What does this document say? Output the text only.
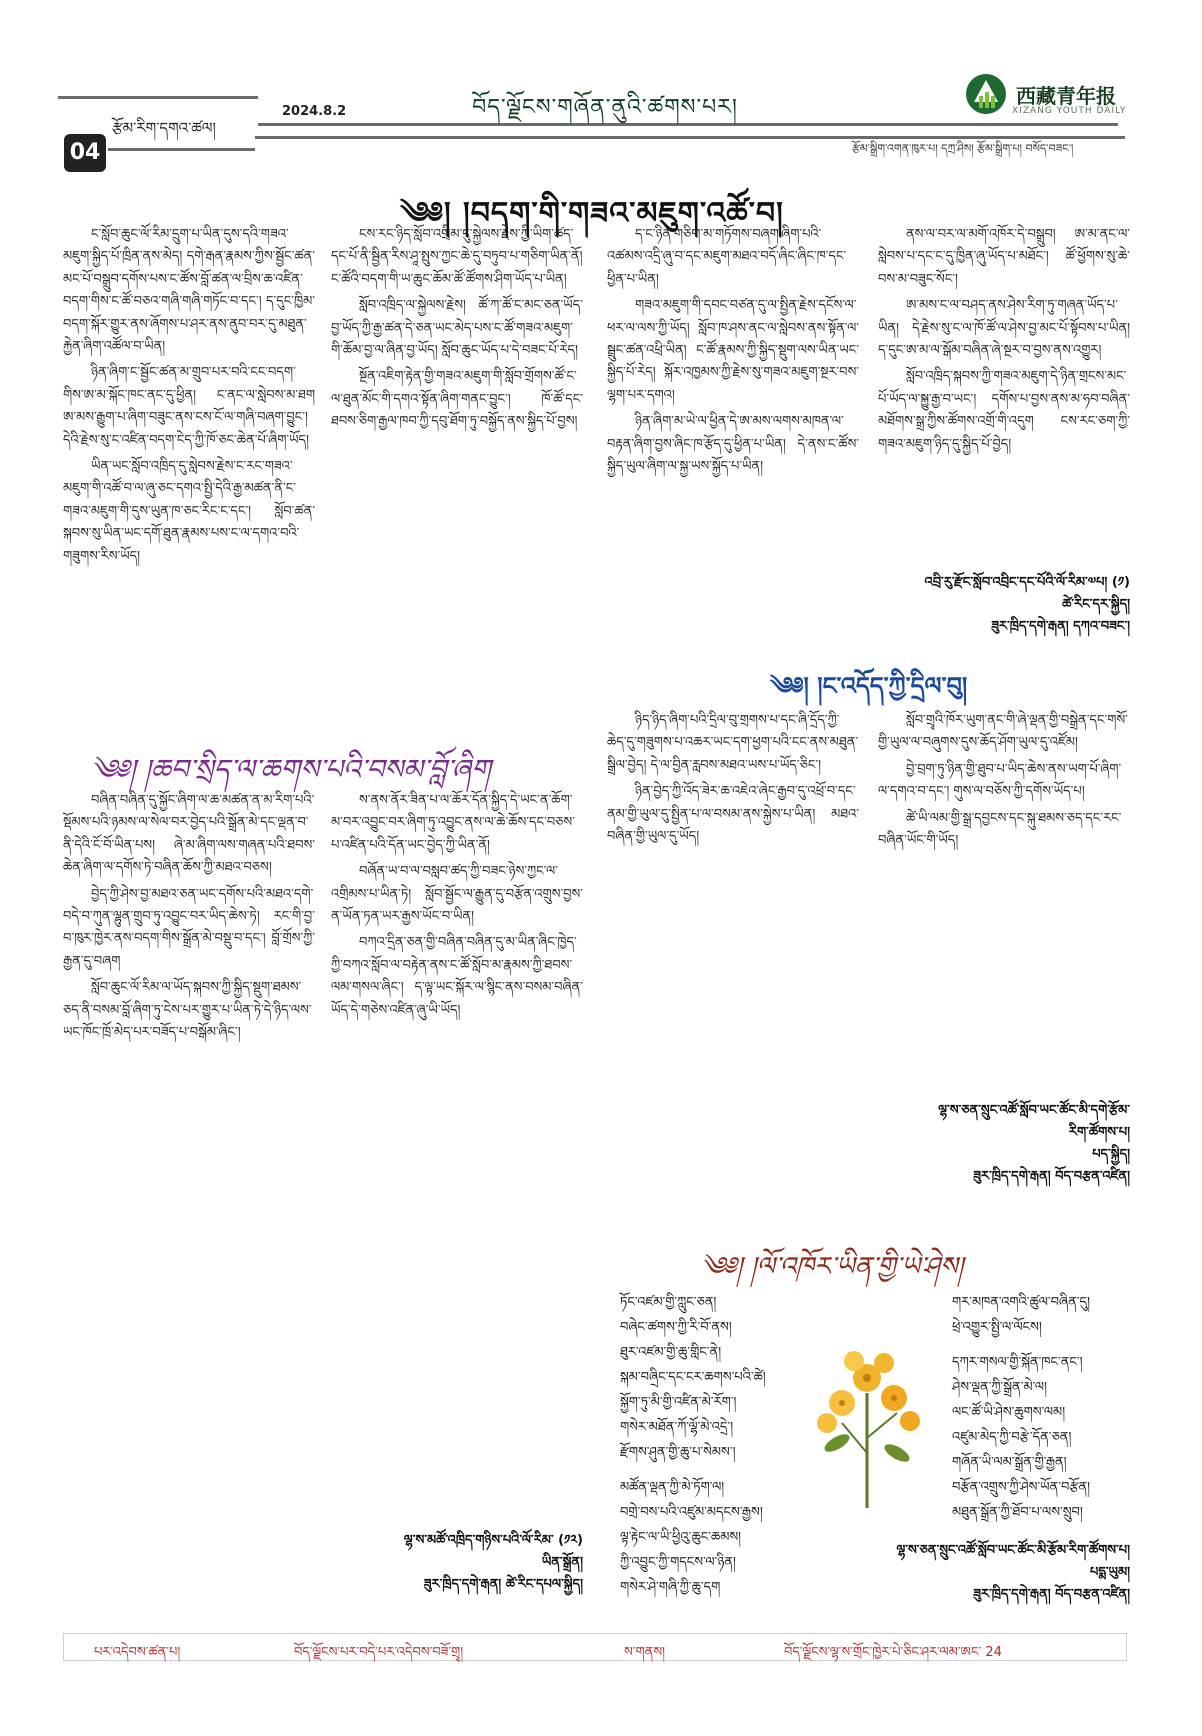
བོད་ལྗོངས་གཞོན་ནུའི་ཚགས་པར།	西藏青年报
XIZANG YOUTH DAILY
རྩོམ་རིག་དགའ་ཚལ།
2024.8.2
04	རྩོམ་སྒྲིག་འགན་ཁུར་པ། དཀྲ་ཤིས། རྩོམ་སྒྲིག་པ། བསོད་བཟང་།
༄༅། །བདག་གི་གཟའ་མཇུག་འཚོ་བ།

ང་སློབ་ཆུང་ལོ་རིམ་དྲུག་པ་ཡིན་དུས་དའི་གཟའ་མཇུག་སྐྱིད་པོ་ཁྲིན་ནས་མེད། དགེ་རྒན་རྣམས་ཀྱིས་སྦྱོང་ཚན་མང་པོ་བསྒྲུབ་དགོས་པས་ང་ཚོས་བློ་ཚན་ལ་བྲིས་ཆ་འཛིན་བདག་གིས་ང་ཚོ་བཅའ་གཞི་གཞི་གཏོང་བ་དང་། ད་དུང་ཁྱིམ་བདག་སྐོར་གྱུར་ནས་ཞོགས་པ་ཤར་ནས་ནུབ་བར་དུ་མཐུན་རྐྱེན་ཞིག་འཚོལ་བ་ཡིན།

ཉིན་ཞིག་ང་སྦྱོང་ཚན་མ་གྲུབ་པར་བའི་ངང་བདག་གིས་ཨ་མ་སྐོང་ཁང་ནང་དུ་ཕྱིན། ང་ནང་ལ་སླེབས་མ་ཐག ཨ་མས་རྒྱུག་པ་ཞིག་བཟུང་ནས་ངས་ངོ་ལ་གཞི་བཞག་བྱུང་། དེའི་རྗེས་སུ་ང་འཛིན་བདག་ངེད་ཀྱི་ཁོ་ཅང་ཆེན་པོ་ཞིག་ཡོད།

ཡིན་ཡང་སློབ་འཁྲིད་དུ་སླེབས་རྗེས་ང་རང་གཟའ་མཇུག་གི་འཚོ་བ་ལ་ཞུ་ཅང་དགའ་སྤྱི་དེའི་རྒྱ་མཚན་ནི་ང་གཟའ་མཇུག་གི་དུས་ཡུན་ཁ་ཅང་རིང་ང་དང་། སློབ་ཚན་སྐབས་སུ་ཡིན་ཡང་དགོ་ཐུན་རྣམས་པས་ང་ལ་དགའ་བའི་གཟུགས་རིས་ཡོད།

ངས་རང་ཉིད་སློབ་འགྲིམ་དུ་སྐྱེལས་རྗེས་ཀྱི་ཡིག་ཚད་དང་པོ་ནི་སྦྱིན་རིས་ཤཱ་སྤུས་ཀྱང་ཆེ་དུ་བཏུབ་པ་གཅིག་ཡིན་ནོ། ང་ཚོའི་བདག་གི་ཡ་ཆུང་ཆོམ་ཚོ་ཚོགས་ཤིག་ཡོད་པ་ཡིན།

སློབ་འཁྲིད་ལ་སྐྱེལས་རྗེས། ཚོ་ཀ་ཚོ་ང་མང་ཅན་ཡོད་བྱ་ཡོད་ཀྱི་རྒྱ་ཚན་དེ་ཅན་ཡང་མེད་པས་ང་ཚོ་གཟའ་མཇུག་གི་ཆོམ་བྱ་ལ་ཞིན་བྱ་ཡོད། སློབ་ཆུང་ཡོད་པ་དེ་བཟང་པོ་རེད།

སྔོན་འཇིག་རྟེན་གྱི་གཟའ་མཇུག་གི་སློབ་གྲོགས་ཚོ་ང་ལ་ཐུན་མོང་གི་དགའ་སྟོན་ཞིག་གནང་བྱུང་། ཁོ་ཚོ་དང་ཐབས་ཅིག་རྒྱལ་ཁབ་ཀྱི་དབུ་ཐོག་ཏུ་བསྐྱོད་ནས་སྐྱིད་པོ་བྱས།

ད་ང་ཉིན་གཅིག་མ་གཏོགས་བཞག་ཞིག་པའི་འཚམས་འདྲི་ཞུ་བ་དང་མཇུག་མཐའ་བདོ་ཞིང་ཞིང་ཁ་དང་ཕྱིན་པ་ཡིན།

གཟའ་མཇུག་གི་དབང་བཙན་དུ་ལ་སྤྱིན་རྗེས་དངོས་ལ་ཕར་ལ་ལས་ཀྱི་ཡོད། སློབ་ཁ་ཤས་ནང་ལ་སླེབས་ནས་སྟོན་ལ་སྦྲུང་ཚན་འཕྲི་ཡིན། ང་ཚོ་རྣམས་ཀྱི་སྐྱིད་སྡུག་ལས་ཡིན་ཡང་སྐྱིད་པོ་རེད། སྐོར་འཁྱམས་ཀྱི་རྗེས་སུ་གཟའ་མཇུག་སྔར་བས་ལྷག་པར་དགའ།

ཉིན་ཞིག་མ་ཡེ་ལ་ཕྱིན་དེ་ཨ་མས་ལགས་མཁན་ལ་བརྟན་ཞིག་བྱས་ཞིང་ཁ་རྩོད་དུ་ཕྱིན་པ་ཡིན། དེ་ནས་ང་ཚོས་སྐྱིད་ཡུལ་ཞིག་ལ་སྐྱ་ཡས་སྐྱོད་པ་ཡིན།

ནས་ལ་བར་ལ་མགོ་འཁོར་དེ་བསྒྲུབ། ཨ་མ་ནང་ལ་སླེབས་པ་དང་ང་དུ་ཁྱིན་ཞུ་ཡོད་པ་མཐོང་། ཚོ་ཕྱོགས་སུ་ཆེ་བས་མ་བཟུང་སོང་།

ཨ་མས་ང་ལ་བཤད་ནས་ཤེས་རིག་ཏུ་གཞན་ཡོད་པ་ཡིན། དེ་རྗེས་སུ་ང་ལ་ཁོ་ཚོ་ལ་ཤེས་བྱ་མང་པོ་སྟོབས་པ་ཡིན། ད་དུང་ཨ་མ་ལ་སྒོམ་བཞིན་ཞེ་སྔར་བ་བྱས་ནས་འགྱུར།

སློབ་འཁྲིད་སྐབས་ཀྱི་གཟའ་མཇུག་དེ་ཉིན་གྲངས་མང་པོ་ཡོད་ལ་སྐྱུ་རྒྱ་བ་ཡང་། དགོས་པ་བྱས་ནས་མ་ཧབ་བཞིན་མཐོགས་སྒྲ་ཀྱིས་ཚོགས་འགྲོ་གི་འདུག ངས་རང་ཅག་ཀྱི་གཟའ་མཇུག་ཉིད་དུ་སྐྱིད་པོ་བྱེད།

འབྲི་རུ་རྫོང་སློབ་འབྲིང་དང་པོའི་ལོ་རིམ་༧པ། (༡)
ཚེ་རིང་དར་སྐྱིད།
ཟུར་ཁྲིད་དགེ་རྒན། དཀའ་བཟང་།
༄༅། །ཆབ་སྲིད་ལ་ཆགས་པའི་བསམ་བློ་ཞིག

བཞིན་བཞིན་དུ་སྐྱོང་ཞིག་ལ་ཆ་མཚན་ན་མ་རིག་པའི་སྡོམས་པའི་ཉམས་ལ་སེལ་བར་བྱེད་པའི་སྒྲོན་མེ་དང་ལྡན་བ་ནི་དེའི་ངོ་བོ་ཡིན་པས། ཞེ་མ་ཞིག་ལས་གཞན་པའི་ཐབས་ཆེན་ཞིག་ལ་དགོས་ཏེ་བཞིན་ཆོས་ཀྱི་མཐའ་བཅས།

བྱེད་ཀྱི་ཤེས་བྱ་མཐའ་ཅན་ཡང་དགོས་པའི་མཐའ་དགེ་བདེ་བ་ཀུན་ལྷུན་གྲུབ་ཏུ་འབྱུང་བར་ཡིད་ཆེས་ཏེ། རང་གི་བྱ་བ་ཁུར་ཁྱེར་ནས་བདག་གིས་སྒྲོན་མེ་བསྡུ་བ་དང་། བློ་གྲོས་ཀྱི་རྒྱན་དུ་བཞག

སློབ་ཆུང་ལོ་རིམ་ལ་ཡོད་སྐབས་ཀྱི་སྐྱིད་སྡུག་ཐམས་ཅད་ནི་བསམ་བློ་ཞིག་ཏུ་ངེས་པར་གྱུར་པ་ཡིན་ཏེ་དེ་ཉིད་ལས་ཡང་ཁོང་ཁྲོ་མེད་པར་བཟོད་པ་བསྒོམ་ཞིང་།

ས་ནས་ནོར་ཟིན་པ་ལ་ཆོར་དོན་སྐྱིད་དེ་ཡང་ན་ཆོག་མ་བར་འབྱུང་བར་ཞིག་ཏུ་འབྱུང་ནས་ལ་ཆེ་ཆོས་དང་བཅས་པ་འཛིན་པའི་དོན་ཡང་བྱེད་ཀྱི་ཡིན་ནོ།

བཞོན་ཡ་བ་ལ་བསླབ་ཚད་ཀྱི་བཟང་ཉེས་ཀྱང་ལ་འགྲིམས་པ་ཡིན་ཏེ། སློབ་སྦྱོང་ལ་རྒྱུན་དུ་བརྩོན་འགྲུས་བྱས་ན་ཡོན་ཏན་ཡར་རྒྱས་ཡོང་བ་ཡིན།

བཀའ་དྲིན་ཅན་གྱི་བཞིན་བཞིན་དུ་མ་ཡིན་ཞིང་ཁྱེད་ཀྱི་བཀའ་སློབ་ལ་བརྟེན་ནས་ང་ཚོ་སློབ་མ་རྣམས་ཀྱི་ཐབས་ལམ་གསལ་ཞིང་། ད་ལྟ་ཡང་སྐོར་ལ་སྙིང་ནས་བསམ་བཞིན་ཡོད་དེ་གཅེས་འཛིན་ཞུ་ཡི་ཡོད།

ལྷ་ས་མཚོ་འཁྲིད་གཉིས་པའི་ལོ་རིམ་ (༡༢)
ཡིན་སྒྲོན།
ཟུར་ཁྲིད་དགེ་རྒན། ཚེ་རིང་དཔལ་སྐྱིད།
༄༅། །ང་འདོད་ཀྱི་དྲིལ་བུ།

ཉིད་ཉིད་ཞིག་པའི་དྲིལ་བུ་གྲགས་པ་དང་ཞི་དྲོད་ཀྱི་ཆེད་དུ་གཟུགས་པ་འཆར་ཡང་དག་ཕྱག་པའི་ངང་ནས་མཐུན་སྒྲིལ་བྱེད། དེ་ལ་བྱིན་རླབས་མཐའ་ཡས་པ་ཡོད་ཅིང་།

ཉིན་བྱེད་ཀྱི་འོད་ཟེར་ཆ་འཇེའ་ཞེང་རྒྱབ་དུ་འཕྲོ་བ་དང་ནམ་གྱི་ཡུལ་དུ་སྤྱིན་པ་ལ་བསམ་ནས་སྐྱེས་པ་ཡིན། མཐའ་བཞིན་གྱི་ཡུལ་དུ་ཡོད།

སློབ་གྲྭའི་ཁོར་ཡུག་ནང་གི་ཞེ་ལྡན་གྱི་བསྒྲེན་དང་གསོ་གྱི་ཡུལ་ལ་བཞུགས་དུས་ཆོད་ཤོག་ཡུལ་དུ་འཛོམ།

བྱེ་བྲག་ཏུ་ཉིན་གྱི་ཐུབ་པ་ཡིད་ཆེས་ནས་ཡག་པོ་ཞིག་ལ་དགའ་བ་དང་། གུས་ལ་བཅོས་ཀྱི་དགོས་ཡོད་པ།

ཚེ་ཡི་ལམ་གྱི་སྒྲ་དབྱངས་དང་སྐུ་ཐམས་ཅད་དང་རང་བཞིན་ཡོང་གི་ཡོད།

ལྷ་ས་ཅན་སྲུང་འཚོ་སློབ་ཡང་ཚོང་མི་དགེ་རྩོམ་
རིག་ཚོགས་པ།
པད་སྐྱིད།
ཟུར་ཁྲིད་དགེ་རྒན། བོད་བརྩན་འཛིན།
༄༅། །ལོ་འཁོར་ཡིན་གྱི་ཡེ་ཤེས།
ཏོང་འཛམ་གྱི་ཀླུང་ཅན།
བཞེང་ཚགས་ཀྱི་རི་བོ་ནས།
ཐུར་འཛམ་གྱི་ཆུ་གླིང་ནེ།
སྐམ་བཞྲིང་དང་ངར་ཆགས་པའི་ཚེ།
སྐྱོག་ཏུ་མི་གྱི་འཛིན་མེ་རོག་།
གསེར་མཐོན་ཀོ་ལྷོ་མེ་འདྲེ་།
རྫོགས་ཤུན་གྱི་ཆུ་པ་སེམས་།
མཚོན་ལྡན་ཀྱི་མེ་ཏོག་ལ།
བགྲེ་བས་པའི་འཛུམ་མདངས་རྒྱས།
ལྟ་རྟེང་ལ་ཡི་ཕྱིའུ་ཆུང་ཆམས།
ཀྱི་འབྱུང་ཀྱི་གདངས་ལ་ཉིན།
གསེར་ཤེ་གཞི་ཀྱི་ཆུ་དག
གར་མཁན་འགའི་ཚུལ་བཞིན་དུ།
ཕྲེ་འགྱུར་སྤྱི་ལ་ལོངས།
དཀར་གསལ་གྱི་སྐོན་ཁང་ནང་།
ཤེས་ལྡན་ཀྱི་སྒྲོན་མེ་ལ།
ལང་ཚོ་ཡི་ཤེས་ཆུགས་ལམ།
འཛུམ་མེད་ཀྱི་བརྩེ་དོན་ཅན།
གཞོན་ཡི་ལམ་སྒྲོན་གྱི་རྒྱན།
བརྩོན་འགྲུས་ཀྱི་ཤེས་ཡོན་བརྩོན།
མཐུན་སྒྲོན་ཀྱི་ཐོབ་པ་ལས་སྲུབ།
ལྷ་ས་ཅན་སྲུང་འཚོ་སློབ་ཡང་ཚོང་མི་རྩོམ་རིག་ཚོགས་པ།
པདྨ་ཡུམ།
ཟུར་ཁྲིད་དགེ་རྒན། བོད་བརྩན་འཛིན།
པར་འདེབས་ཚན་པ།	བོད་ལྗོངས་པར་བདེ་པར་འདེབས་བཟོ་གྲྭ།	ས་གནས།	བོད་ལྗོངས་ལྷ་ས་གྲོང་ཁྱེར་པེ་ཅིང་ཤར་ལམ་ཨང་ 24
